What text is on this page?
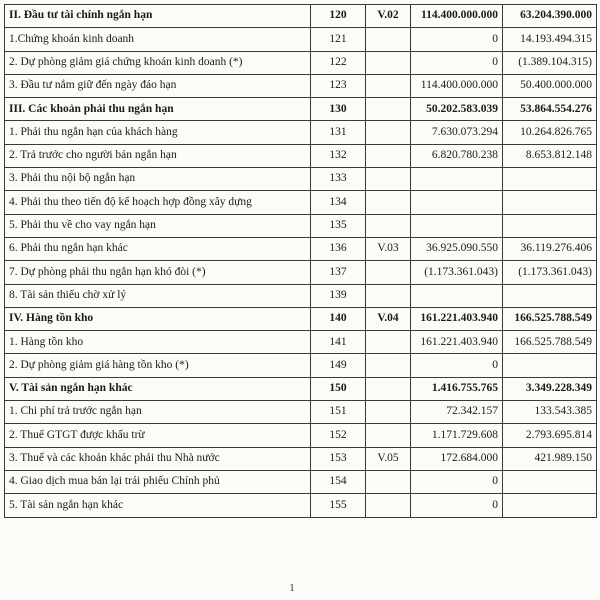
II. Đầu tư tài chính ngắn hạn	120	V.02	114.400.000.000	63.204.390.000
1.Chứng khoán kinh doanh	121		0	14.193.494.315
2. Dự phòng giảm giá chứng khoán kinh doanh (*)	122		0	(1.389.104.315)
3. Đầu tư nắm giữ đến ngày đáo hạn	123		114.400.000.000	50.400.000.000
III. Các khoản phải thu ngắn hạn	130		50.202.583.039	53.864.554.276
1. Phải thu ngắn hạn của khách hàng	131		7.630.073.294	10.264.826.765
2. Trả trước cho người bán ngắn hạn	132		6.820.780.238	8.653.812.148
3. Phải thu nội bộ ngắn hạn	133			
4. Phải thu theo tiến độ kế hoạch hợp đồng xây dựng	134			
5. Phải thu về cho vay ngắn hạn	135			
6. Phải thu ngắn hạn khác	136	V.03	36.925.090.550	36.119.276.406
7. Dự phòng phải thu ngắn hạn khó đòi (*)	137		(1.173.361.043)	(1.173.361.043)
8. Tài sản thiếu chờ xử lý	139			
IV. Hàng tồn kho	140	V.04	161.221.403.940	166.525.788.549
1. Hàng tồn kho	141		161.221.403.940	166.525.788.549
2. Dự phòng giảm giá hàng tồn kho (*)	149		0	
V. Tài sản ngắn hạn khác	150		1.416.755.765	3.349.228.349
1. Chi phí trả trước ngắn hạn	151		72.342.157	133.543.385
2. Thuế GTGT được khấu trừ	152		1.171.729.608	2.793.695.814
3. Thuế và các khoản khác phải thu Nhà nước	153	V.05	172.684.000	421.989.150
4. Giao dịch mua bán lại trái phiếu Chính phủ	154		0	
5. Tài sản ngắn hạn khác	155		0	
1
